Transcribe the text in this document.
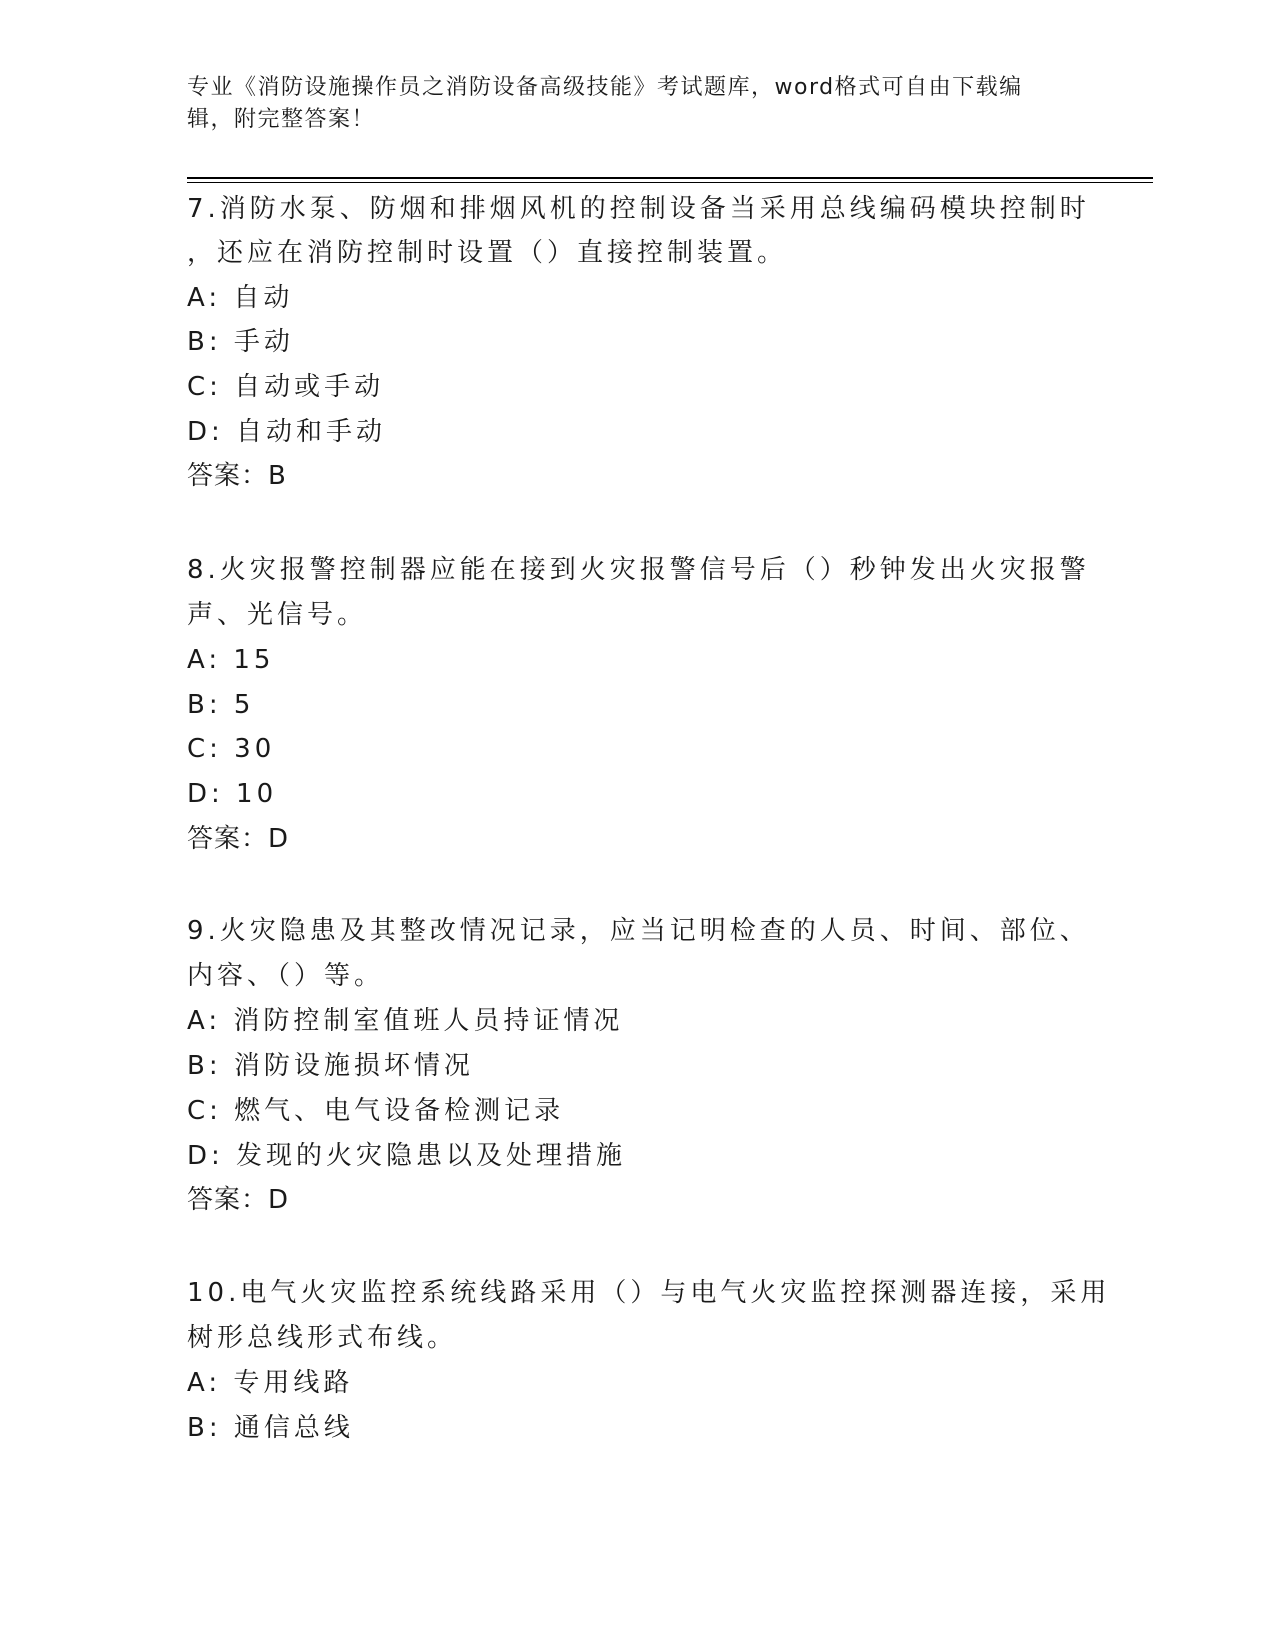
专业《消防设施操作员之消防设备高级技能》考试题库，word格式可自由下载编
辑，附完整答案！
7.消防水泵、防烟和排烟风机的控制设备当采用总线编码模块控制时
，还应在消防控制时设置（）直接控制装置。
A: 自动
B: 手动
C: 自动或手动
D: 自动和手动
答案：B
8.火灾报警控制器应能在接到火灾报警信号后（）秒钟发出火灾报警
声、光信号。
A: 15
B: 5
C: 30
D: 10
答案：D
9.火灾隐患及其整改情况记录，应当记明检查的人员、时间、部位、
内容、（）等。
A: 消防控制室值班人员持证情况
B: 消防设施损坏情况
C: 燃气、电气设备检测记录
D: 发现的火灾隐患以及处理措施
答案：D
10.电气火灾监控系统线路采用（）与电气火灾监控探测器连接，采用
树形总线形式布线。
A: 专用线路
B: 通信总线
